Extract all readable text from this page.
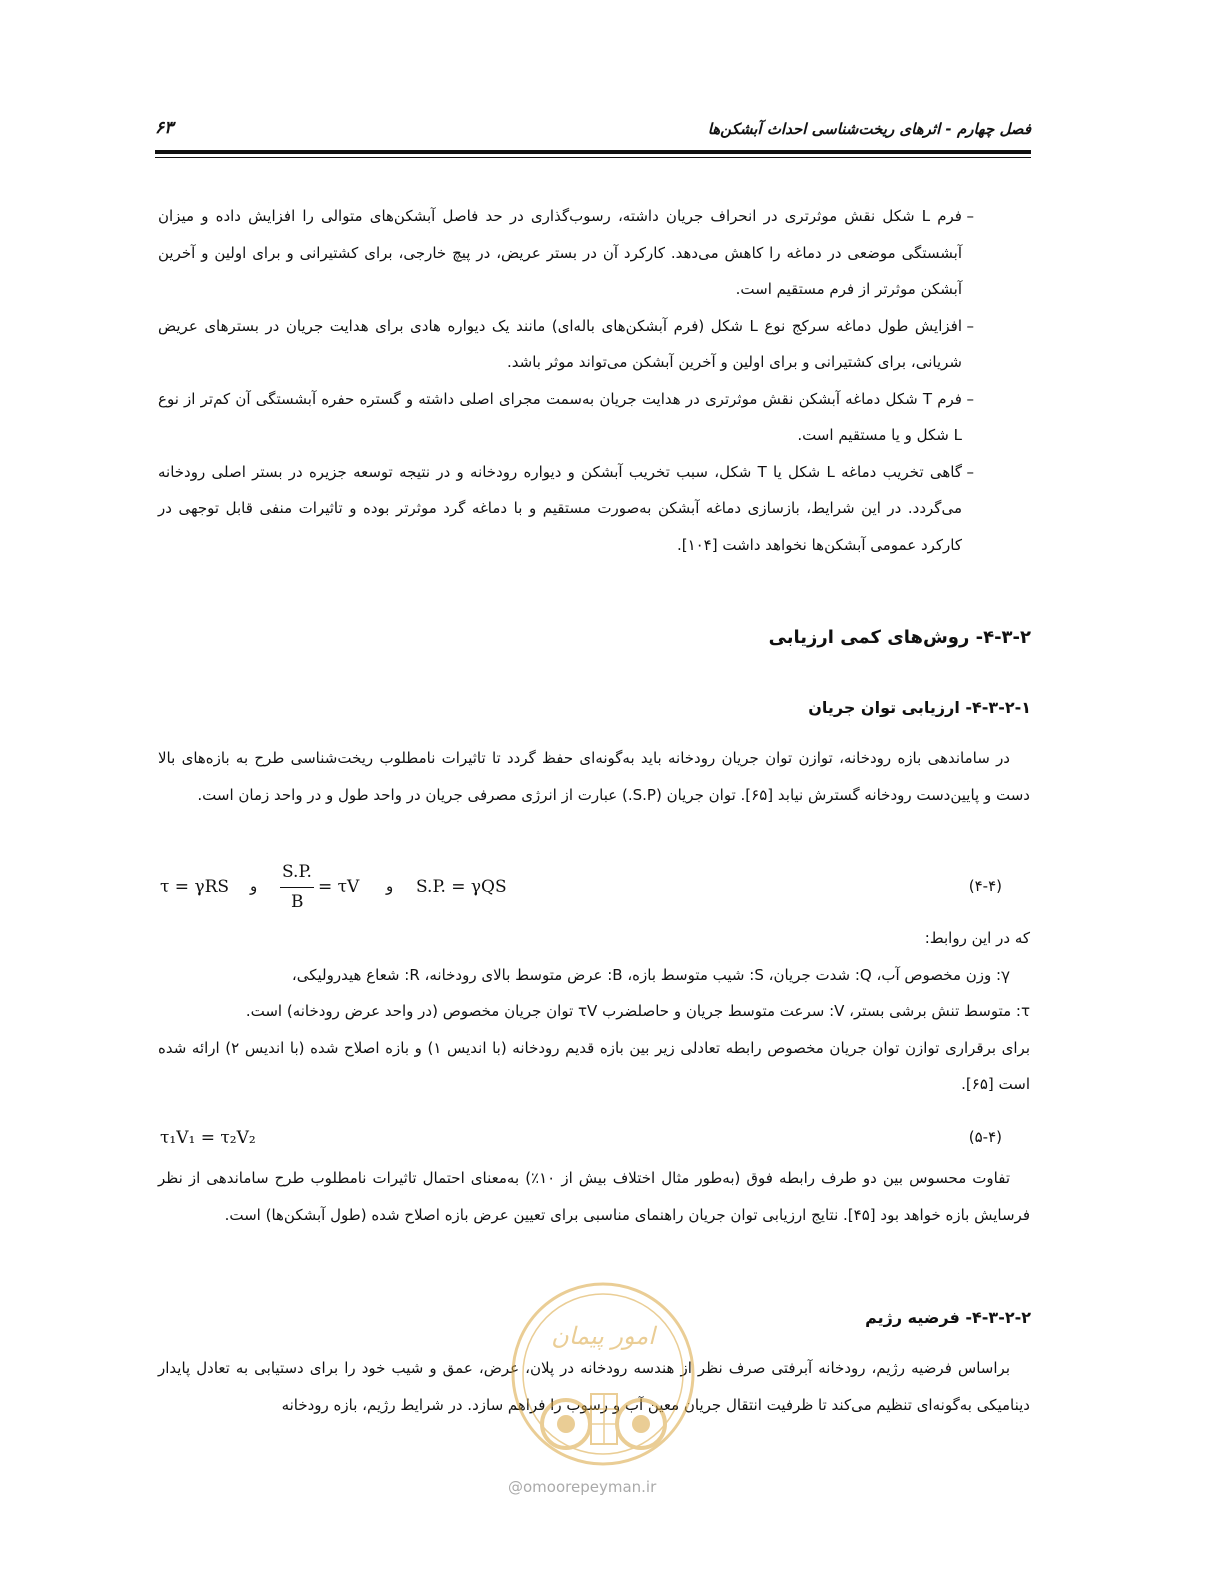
فصل چهارم - اثرهای ریخت‌شناسی احداث آبشکن‌ها
۶۳

–
فرم L شکل نقش موثرتری در انحراف جریان داشته، رسوب‌گذاری در حد فاصل آبشکن‌های متوالی را افزایش داده و میزان آبشستگی موضعی در دماغه را کاهش می‌دهد. کارکرد آن در بستر عریض، در پیچ خارجی، برای کشتیرانی و برای اولین و آخرین آبشکن موثرتر از فرم مستقیم است.

–
افزایش طول دماغه سرکج نوع L شکل (فرم آبشکن‌های باله‌ای) مانند یک دیواره هادی برای هدایت جریان در بسترهای عریض شریانی، برای کشتیرانی و برای اولین و آخرین آبشکن می‌تواند موثر باشد.

–
فرم T شکل دماغه آبشکن نقش موثرتری در هدایت جریان به‌سمت مجرای اصلی داشته و گستره حفره آبشستگی آن کم‌تر از نوع L شکل و یا مستقیم است.

–
گاهی تخریب دماغه L شکل یا T شکل، سبب تخریب آبشکن و دیواره رودخانه و در نتیجه توسعه جزیره در بستر اصلی رودخانه می‌گردد. در این شرایط، بازسازی دماغه آبشکن به‌صورت مستقیم و با دماغه گرد موثرتر بوده و تاثیرات منفی قابل توجهی در کارکرد عمومی آبشکن‌ها نخواهد داشت [۱۰۴].

۴-۳-۲- روش‌های کمی ارزیابی
۴-۳-۲-۱- ارزیابی توان جریان

در ساماندهی بازه رودخانه، توازن توان جریان رودخانه باید به‌گونه‌ای حفظ گردد تا تاثیرات نامطلوب ریخت‌شناسی طرح به بازه‌های بالا دست و پایین‌دست رودخانه گسترش نیابد [۶۵]. توان جریان (S.P.) عبارت از انرژی مصرفی جریان در واحد طول و در واحد زمان است.

τ = γRS و
S.P.
B
= τV و S.P. = γQS	(۴-۴)

که در این روابط:

γ: وزن مخصوص آب، Q: شدت جریان، S: شیب متوسط بازه، B: عرض متوسط بالای رودخانه، R: شعاع هیدرولیکی،

τ: متوسط تنش برشی بستر، V: سرعت متوسط جریان و حاصلضرب τV توان جریان مخصوص (در واحد عرض رودخانه) است.

برای برقراری توازن توان جریان مخصوص رابطه تعادلی زیر بین بازه قدیم رودخانه (با اندیس ۱) و بازه اصلاح شده (با اندیس ۲) ارائه شده است [۶۵].

τ₁V₁ = τ₂V₂	(۵-۴)

تفاوت محسوس بین دو طرف رابطه فوق (به‌طور مثال اختلاف بیش از ۱۰٪) به‌معنای احتمال تاثیرات نامطلوب طرح ساماندهی از نظر فرسایش بازه خواهد بود [۴۵]. نتایج ارزیابی توان جریان راهنمای مناسبی برای تعیین عرض بازه اصلاح شده (طول آبشکن‌ها) است.

۴-۳-۲-۲- فرضیه رژیم

براساس فرضیه رژیم، رودخانه آبرفتی صرف نظر از هندسه رودخانه در پلان، عرض، عمق و شیب خود را برای دستیابی به تعادل پایدار دینامیکی به‌گونه‌ای تنظیم می‌کند تا ظرفیت انتقال جریان معین آب و رسوب را فراهم سازد. در شرایط رژیم، بازه رودخانه

امور پیمان
@omoorepeyman.ir
